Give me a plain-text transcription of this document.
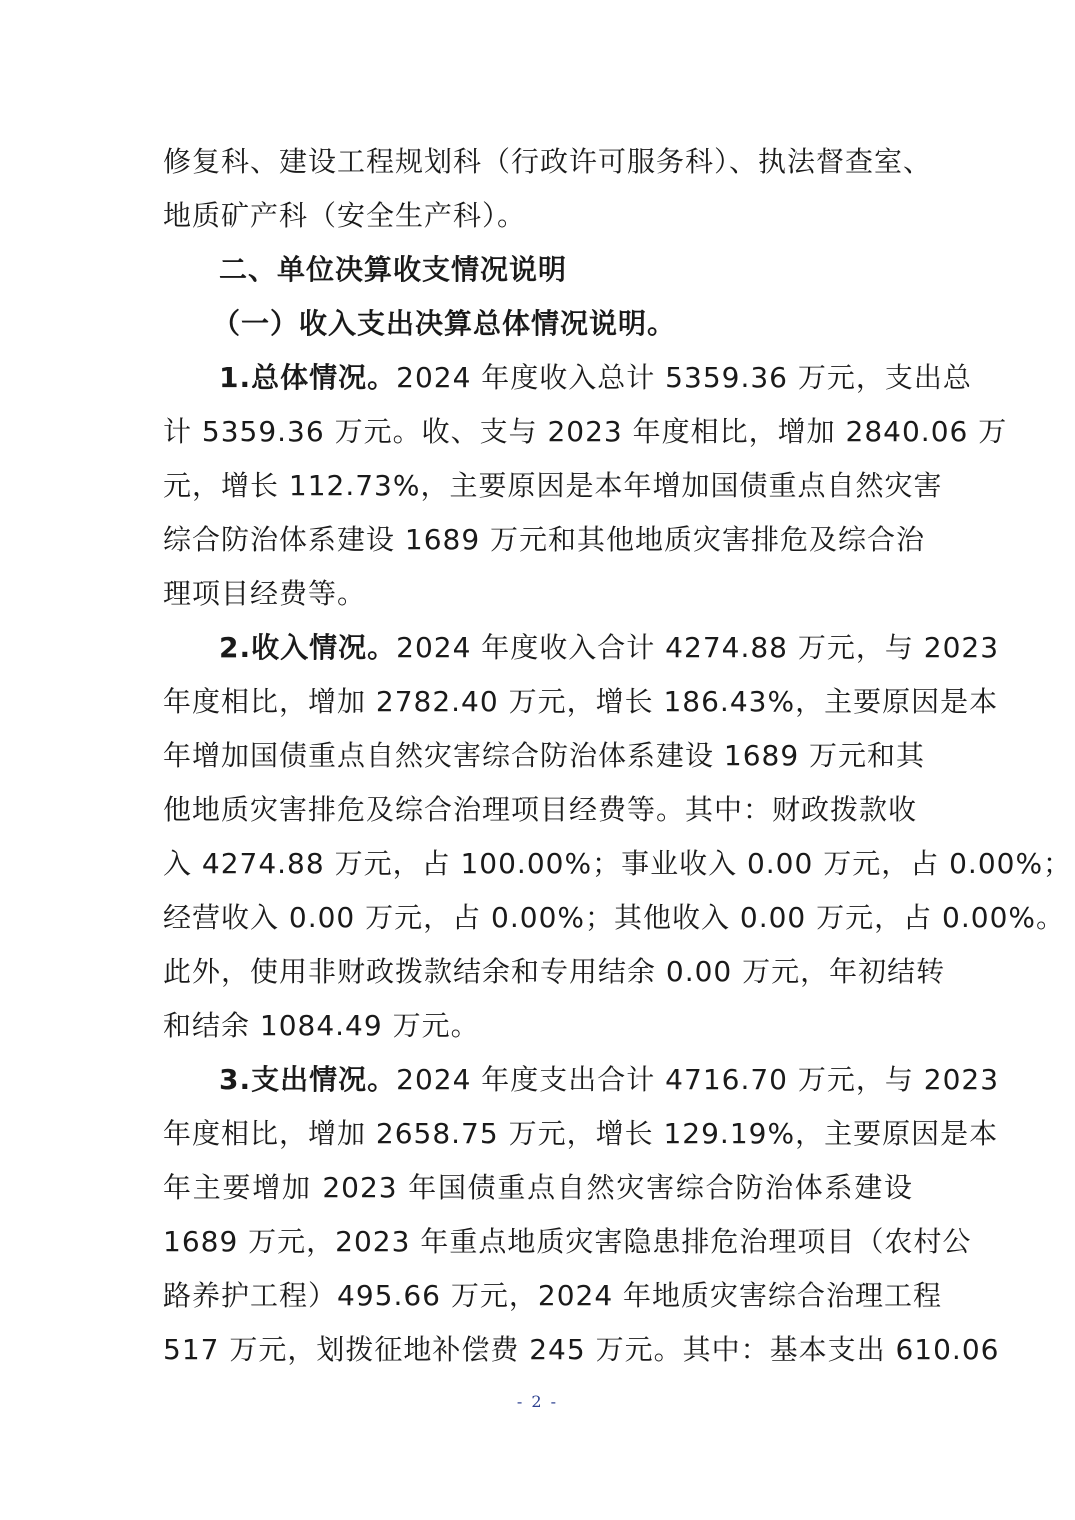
修复科、建设工程规划科（行政许可服务科）、执法督查室、
地质矿产科（安全生产科）。
二、单位决算收支情况说明
（一）收入支出决算总体情况说明。
1.总体情况。2024 年度收入总计 5359.36 万元，支出总
计 5359.36 万元。收、支与 2023 年度相比，增加 2840.06 万
元，增长 112.73%，主要原因是本年增加国债重点自然灾害
综合防治体系建设 1689 万元和其他地质灾害排危及综合治
理项目经费等。
2.收入情况。2024 年度收入合计 4274.88 万元，与 2023
年度相比，增加 2782.40 万元，增长 186.43%，主要原因是本
年增加国债重点自然灾害综合防治体系建设 1689 万元和其
他地质灾害排危及综合治理项目经费等。其中：财政拨款收
入 4274.88 万元，占 100.00%；事业收入 0.00 万元，占 0.00%；
经营收入 0.00 万元，占 0.00%；其他收入 0.00 万元，占 0.00%。
此外，使用非财政拨款结余和专用结余 0.00 万元，年初结转
和结余 1084.49 万元。
3.支出情况。2024 年度支出合计 4716.70 万元，与 2023
年度相比，增加 2658.75 万元，增长 129.19%，主要原因是本
年主要增加 2023 年国债重点自然灾害综合防治体系建设
1689 万元，2023 年重点地质灾害隐患排危治理项目（农村公
路养护工程）495.66 万元，2024 年地质灾害综合治理工程
517 万元，划拨征地补偿费 245 万元。其中：基本支出 610.06
- 2 -
